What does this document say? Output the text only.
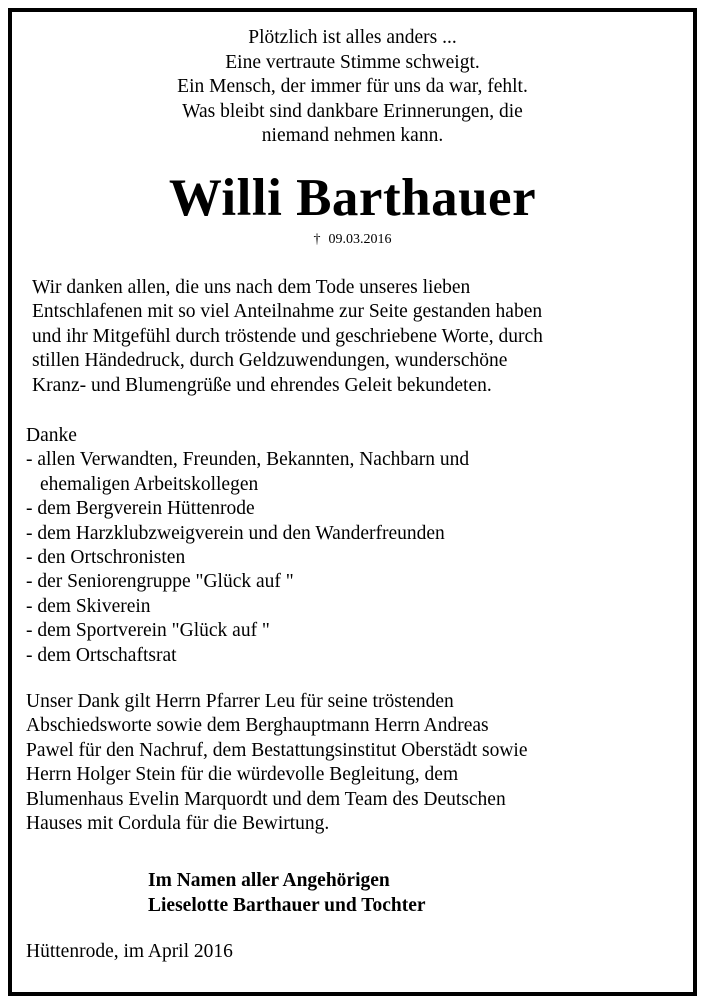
Plötzlich ist alles anders ...
Eine vertraute Stimme schweigt.
Ein Mensch, der immer für uns da war, fehlt.
Was bleibt sind dankbare Erinnerungen, die
niemand nehmen kann.
Willi Barthauer
† 09.03.2016
Wir danken allen, die uns nach dem Tode unseres lieben
Entschlafenen mit so viel Anteilnahme zur Seite gestanden haben
und ihr Mitgefühl durch tröstende und geschriebene Worte, durch
stillen Händedruck, durch Geldzuwendungen, wunderschöne
Kranz- und Blumengrüße und ehrendes Geleit bekundeten.
Danke
- allen Verwandten, Freunden, Bekannten, Nachbarn und
ehemaligen Arbeitskollegen
- dem Bergverein Hüttenrode
- dem Harzklubzweigverein und den Wanderfreunden
- den Ortschronisten
- der Seniorengruppe "Glück auf "
- dem Skiverein
- dem Sportverein "Glück auf "
- dem Ortschaftsrat
Unser Dank gilt Herrn Pfarrer Leu für seine tröstenden
Abschiedsworte sowie dem Berghauptmann Herrn Andreas
Pawel für den Nachruf, dem Bestattungsinstitut Oberstädt sowie
Herrn Holger Stein für die würdevolle Begleitung, dem
Blumenhaus Evelin Marquordt und dem Team des Deutschen
Hauses mit Cordula für die Bewirtung.
Im Namen aller Angehörigen
Lieselotte Barthauer und Tochter
Hüttenrode, im April 2016
